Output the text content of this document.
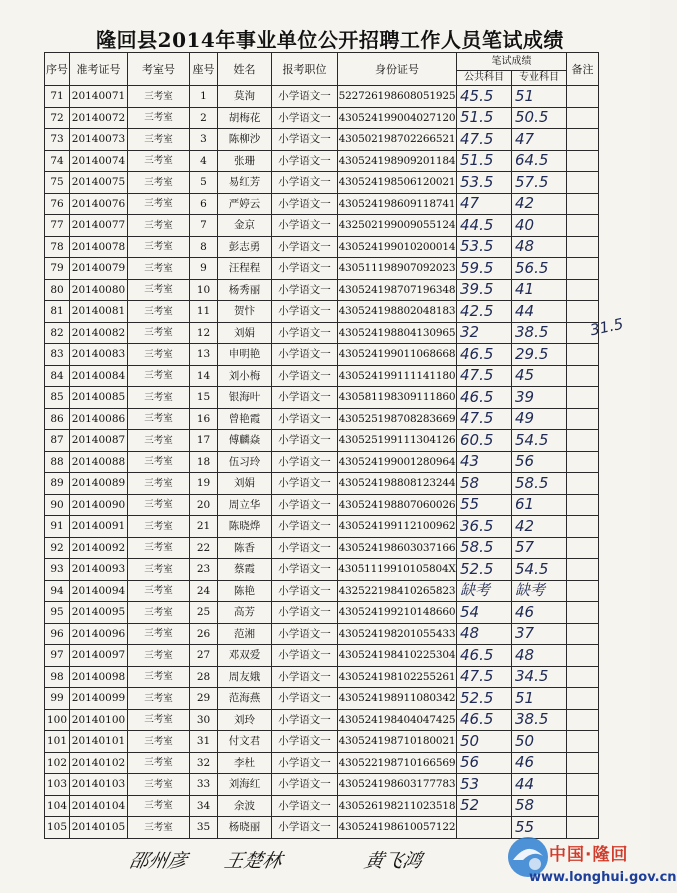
隆回县2014年事业单位公开招聘工作人员笔试成绩
序号	准考证号	考室号	座号	姓名	报考职位	身份证号	笔试成绩		备注
							公共科目	专业科目	
71	20140071	三考室	1	莫洵	小学语文一	522726198608051925	45.5	51	
72	20140072	三考室	2	胡梅花	小学语文一	430524199004027120	51.5	50.5	
73	20140073	三考室	3	陈柳沙	小学语文一	430502198702266521	47.5	47	
74	20140074	三考室	4	张珊	小学语文一	430524198909201184	51.5	64.5	
75	20140075	三考室	5	易红芳	小学语文一	430524198506120021	53.5	57.5	
76	20140076	三考室	6	严婷云	小学语文一	430524198609118741	47	42	
77	20140077	三考室	7	金京	小学语文一	432502199009055124	44.5	40	
78	20140078	三考室	8	彭志勇	小学语文一	430524199010200014	53.5	48	
79	20140079	三考室	9	汪程程	小学语文一	430511198907092023	59.5	56.5	
80	20140080	三考室	10	杨秀丽	小学语文一	430524198707196348	39.5	41	
81	20140081	三考室	11	贺忭	小学语文一	430524198802048183	42.5	44	
82	20140082	三考室	12	刘娟	小学语文一	430524198804130965	32	38.5	
83	20140083	三考室	13	申明艳	小学语文一	430524199011068668	46.5	29.5	
84	20140084	三考室	14	刘小梅	小学语文一	430524199111141180	47.5	45	
85	20140085	三考室	15	银海叶	小学语文一	430581198309111860	46.5	39	
86	20140086	三考室	16	曾艳霞	小学语文一	430525198708283669	47.5	49	
87	20140087	三考室	17	傅麟焱	小学语文一	430525199111304126	60.5	54.5	
88	20140088	三考室	18	伍习玲	小学语文一	430524199001280964	43	56	
89	20140089	三考室	19	刘娟	小学语文一	430524198808123244	58	58.5	
90	20140090	三考室	20	周立华	小学语文一	430524198807060026	55	61	
91	20140091	三考室	21	陈晓烨	小学语文一	430524199112100962	36.5	42	
92	20140092	三考室	22	陈香	小学语文一	430524198603037166	58.5	57	
93	20140093	三考室	23	蔡霞	小学语文一	43051119910105804X	52.5	54.5	
94	20140094	三考室	24	陈艳	小学语文一	432522198410265823	缺考	缺考	
95	20140095	三考室	25	高芳	小学语文一	430524199210148660	54	46	
96	20140096	三考室	26	范湘	小学语文一	430524198201055433	48	37	
97	20140097	三考室	27	邓双爱	小学语文一	430524198410225304	46.5	48	
98	20140098	三考室	28	周友娥	小学语文一	430524198102255261	47.5	34.5	
99	20140099	三考室	29	范海燕	小学语文一	430524198911080342	52.5	51	
100	20140100	三考室	30	刘玲	小学语文一	430524198404047425	46.5	38.5	
101	20140101	三考室	31	付文君	小学语文一	430524198710180021	50	50	
102	20140102	三考室	32	李杜	小学语文一	430522198710166569	56	46	
103	20140103	三考室	33	刘海红	小学语文一	430524198603177783	53	44	
104	20140104	三考室	34	余波	小学语文一	430526198211023518	52	58	
105	20140105	三考室	35	杨晓丽	小学语文一	430524198610057122		55	
31.5
邵州彦 王楚林	黄飞鸿	中国·隆回
www.longhui.gov.cn
